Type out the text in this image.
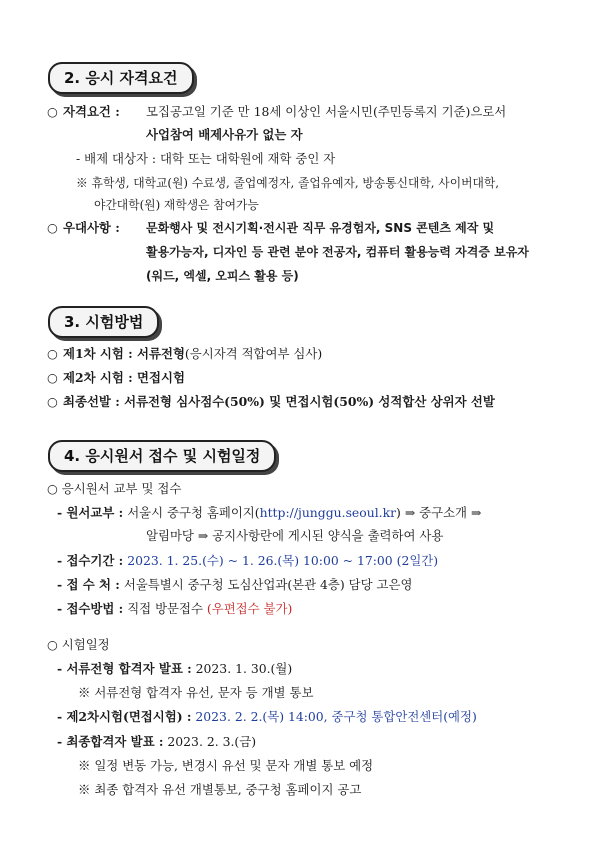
2. 응시 자격요건
○ 자격요건 : 모집공고일 기준 만 18세 이상인 서울시민(주민등록지 기준)으로서
사업참여 배제사유가 없는 자
- 배제 대상자 : 대학 또는 대학원에 재학 중인 자
※ 휴학생, 대학교(원) 수료생, 졸업예정자, 졸업유예자, 방송통신대학, 사이버대학,
야간대학(원) 재학생은 참여가능
○ 우대사항 : 문화행사 및 전시기획·전시관 직무 유경험자, SNS 콘텐츠 제작 및
활용가능자, 디자인 등 관련 분야 전공자, 컴퓨터 활용능력 자격증 보유자
(워드, 엑셀, 오피스 활용 등)
3. 시험방법
○ 제1차 시험 : 서류전형(응시자격 적합여부 심사)
○ 제2차 시험 : 면접시험
○ 최종선발 : 서류전형 심사점수(50%) 및 면접시험(50%) 성적합산 상위자 선발
4. 응시원서 접수 및 시험일정
○ 응시원서 교부 및 접수
- 원서교부 : 서울시 중구청 홈페이지(http://junggu.seoul.kr) ⇒ 중구소개 ⇒
알림마당 ⇒ 공지사항란에 게시된 양식을 출력하여 사용
- 접수기간 : 2023. 1. 25.(수) ~ 1. 26.(목) 10:00 ~ 17:00 (2일간)
- 접 수 처 : 서울특별시 중구청 도심산업과(본관 4층) 담당 고은영
- 접수방법 : 직접 방문접수 (우편접수 불가)
○ 시험일정
- 서류전형 합격자 발표 : 2023. 1. 30.(월)
※ 서류전형 합격자 유선, 문자 등 개별 통보
- 제2차시험(면접시험) : 2023. 2. 2.(목) 14:00, 중구청 통합안전센터(예정)
- 최종합격자 발표 : 2023. 2. 3.(금)
※ 일정 변동 가능, 변경시 유선 및 문자 개별 통보 예정
※ 최종 합격자 유선 개별통보, 중구청 홈페이지 공고
